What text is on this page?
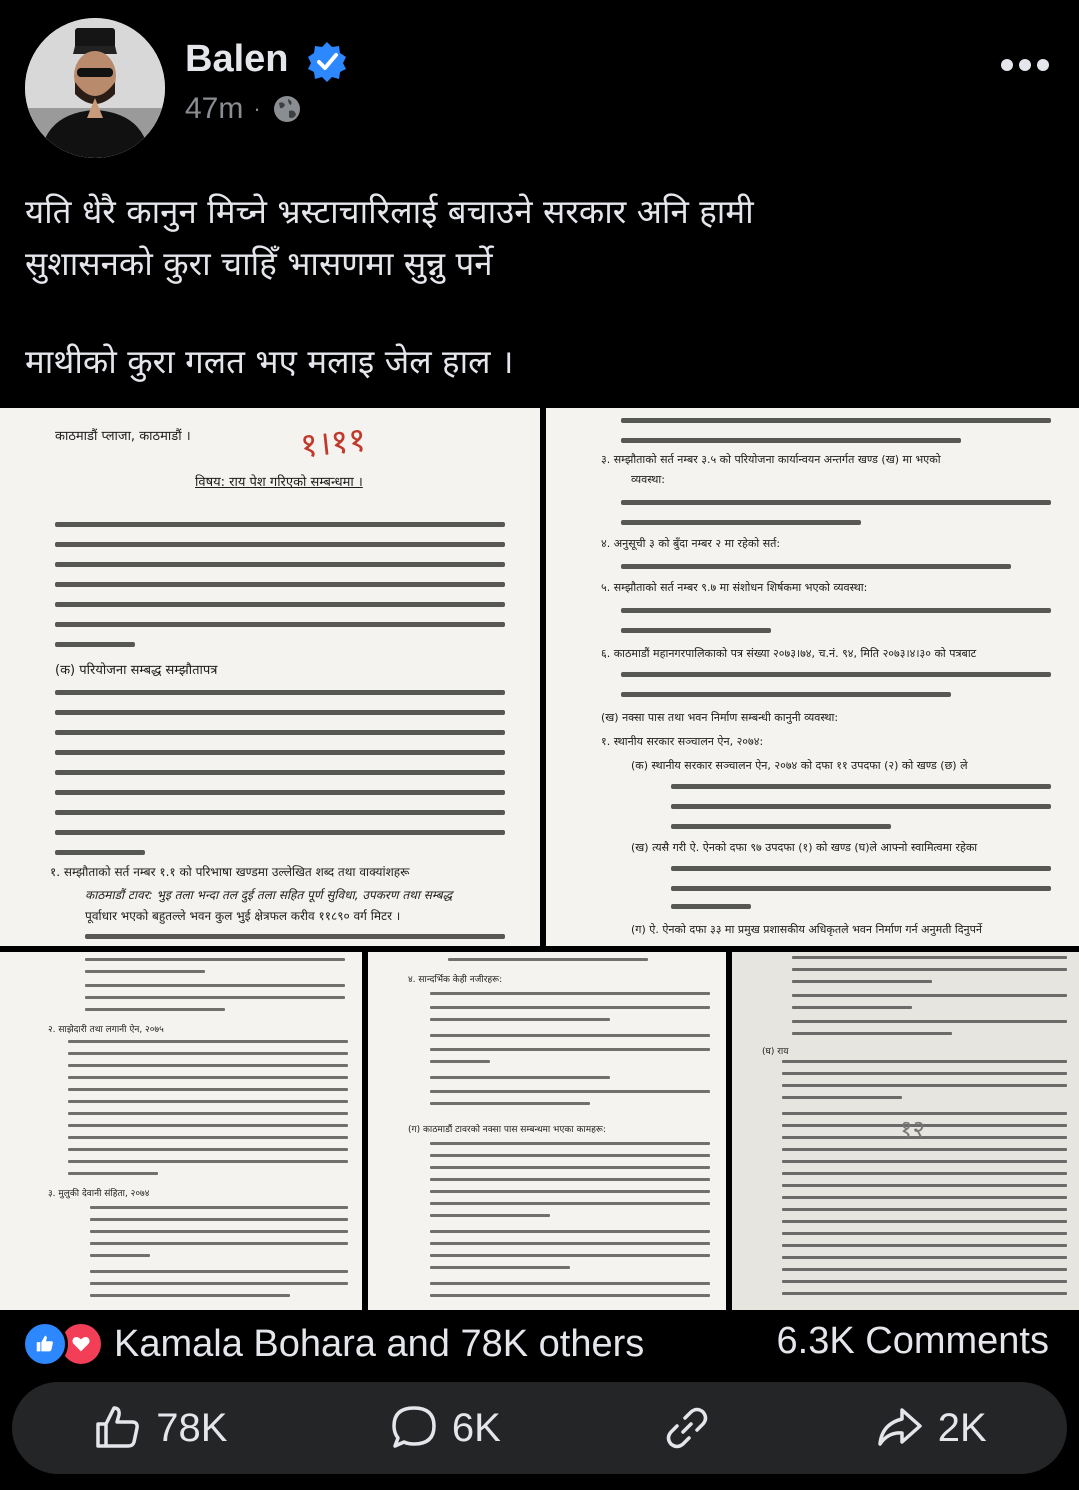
Balen
47m ·

यति धेरै कानुन मिच्ने भ्रस्टाचारिलाई बचाउने सरकार अनि हामी

सुशासनको कुरा चाहिँ भासणमा सुन्नु पर्ने

माथीको कुरा गलत भए मलाइ जेल हाल ।

काठमाडौं प्लाजा, काठमाडौं ।	१।११
विषय: राय पेश गरिएको सम्बन्धमा ।
(क) परियोजना सम्बद्ध सम्झौतापत्र
१. सम्झौताको सर्त नम्बर १.१ को परिभाषा खण्डमा उल्लेखित शब्द तथा वाक्यांशहरू
काठमाडौं टावर: भुइ तला भन्दा तल दुई तला सहित पूर्ण सुविधा, उपकरण तथा सम्बद्ध
पूर्वाधार भएको बहुतल्ले भवन कुल भुई क्षेत्रफल करीव ११८९० वर्ग मिटर ।
३. सम्झौताको सर्त नम्बर ३.५ को परियोजना कार्यान्वयन अन्तर्गत खण्ड (ख) मा भएको
व्यवस्था:
४. अनुसूची ३ को बुँदा नम्बर २ मा रहेको सर्त:
५. सम्झौताको सर्त नम्बर ९.७ मा संशोधन शिर्षकमा भएको व्यवस्था:
६. काठमाडौं महानगरपालिकाको पत्र संख्या २०७३।७४, च.नं. ९४, मिति २०७३।४।३० को पत्रबाट
(ख) नक्सा पास तथा भवन निर्माण सम्बन्धी कानुनी व्यवस्था:
१. स्थानीय सरकार सञ्चालन ऐन, २०७४:
(क) स्थानीय सरकार सञ्चालन ऐन, २०७४ को दफा ११ उपदफा (२) को खण्ड (छ) ले
(ख) त्यसै गरी ऐ. ऐनको दफा ९७ उपदफा (१) को खण्ड (घ)ले आफ्नो स्वामित्वमा रहेका
(ग) ऐ. ऐनको दफा ३३ मा प्रमुख प्रशासकीय अधिकृतले भवन निर्माण गर्न अनुमती दिनुपर्ने
२. साझेदारी तथा लगानी ऐन, २०७५
३. मुलुकी देवानी संहिता, २०७४
४. सान्दर्भिक केही नजीरहरू:
(ग) काठमाडौं टावरको नक्सा पास सम्बन्धमा भएका कामहरू:
(घ) राय
१२
Kamala Bohara and 78K others	6.3K Comments
78K	6K	2K
